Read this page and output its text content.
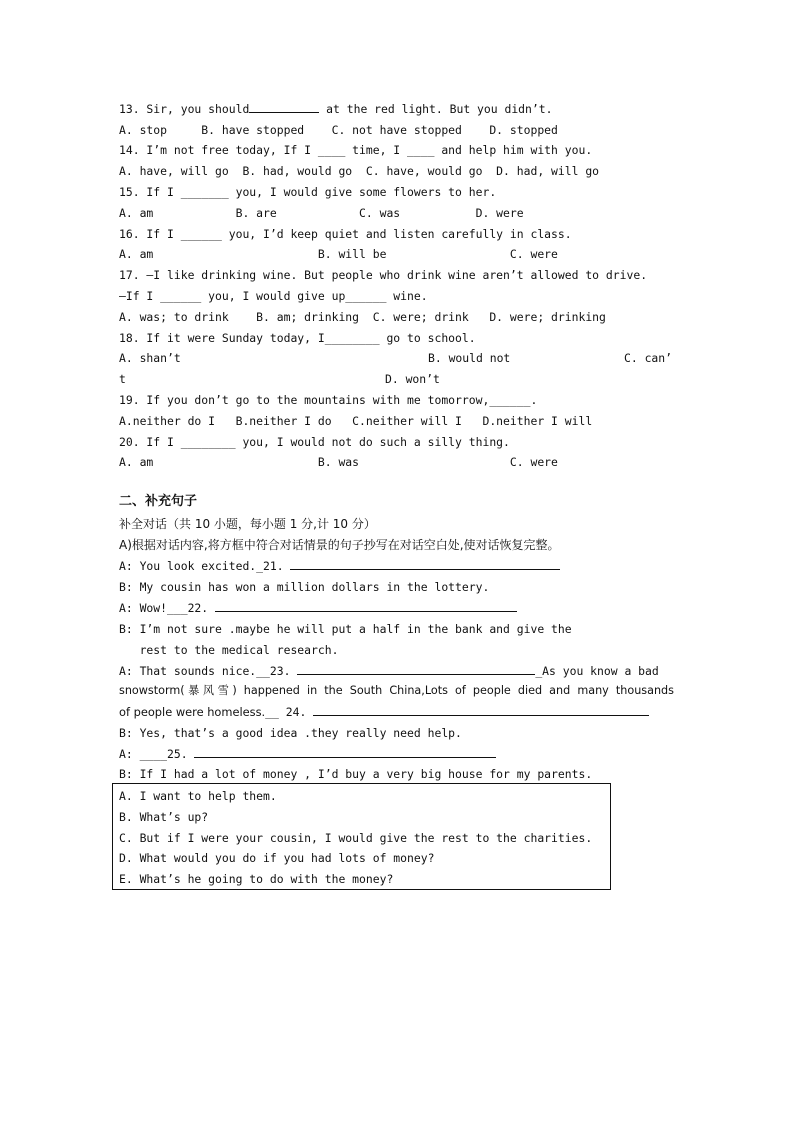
13. Sir, you should	at the red light. But you didn’t.
A. stop     B. have stopped    C. not have stopped    D. stopped
14. I’m not free today, If I ____ time, I ____ and help him with you.
A. have, will go  B. had, would go  C. have, would go  D. had, will go
15. If I _______ you, I would give some flowers to her.
A. am            B. are            C. was           D. were
16. If I ______ you, I’d keep quiet and listen carefully in class.
A. am                        B. will be                  C. were
17. —I like drinking wine. But people who drink wine aren’t allowed to drive.
—If I ______ you, I would give up______ wine.
A. was; to drink    B. am; drinking  C. were; drink   D. were; drinking
18. If it were Sunday today, I________ go to school.
A. shan’t	B. would not	C. can’
t	D. won’t
19. If you don’t go to the mountains with me tomorrow,______.
A.neither do I   B.neither I do   C.neither will I   D.neither I will
20. If I ________ you, I would not do such a silly thing.
A. am                        B. was                      C. were
二、补充句子
补全对话（共 10 小题，每小题 1 分,计 10 分）
A)根据对话内容,将方框中符合对话情景的句子抄写在对话空白处,使对话恢复完整。
A: You look excited._21.
B: My cousin has won a million dollars in the lottery.
A: Wow!___22.
B: I’m not sure .maybe he will put a half in the bank and give the
rest to the medical research.
A: That sounds nice.__23.	_As you know a bad
snowstorm(暴风雪) happened in the South China,Lots of people died and many thousands
of people were homeless.__ 24.
B: Yes, that’s a good idea .they really need help.
A: ____25.
B: If I had a lot of money , I’d buy a very big house for my parents.
A. I want to help them.
B. What’s up?
C. But if I were your cousin, I would give the rest to the charities.
D. What would you do if you had lots of money?
E. What’s he going to do with the money?
